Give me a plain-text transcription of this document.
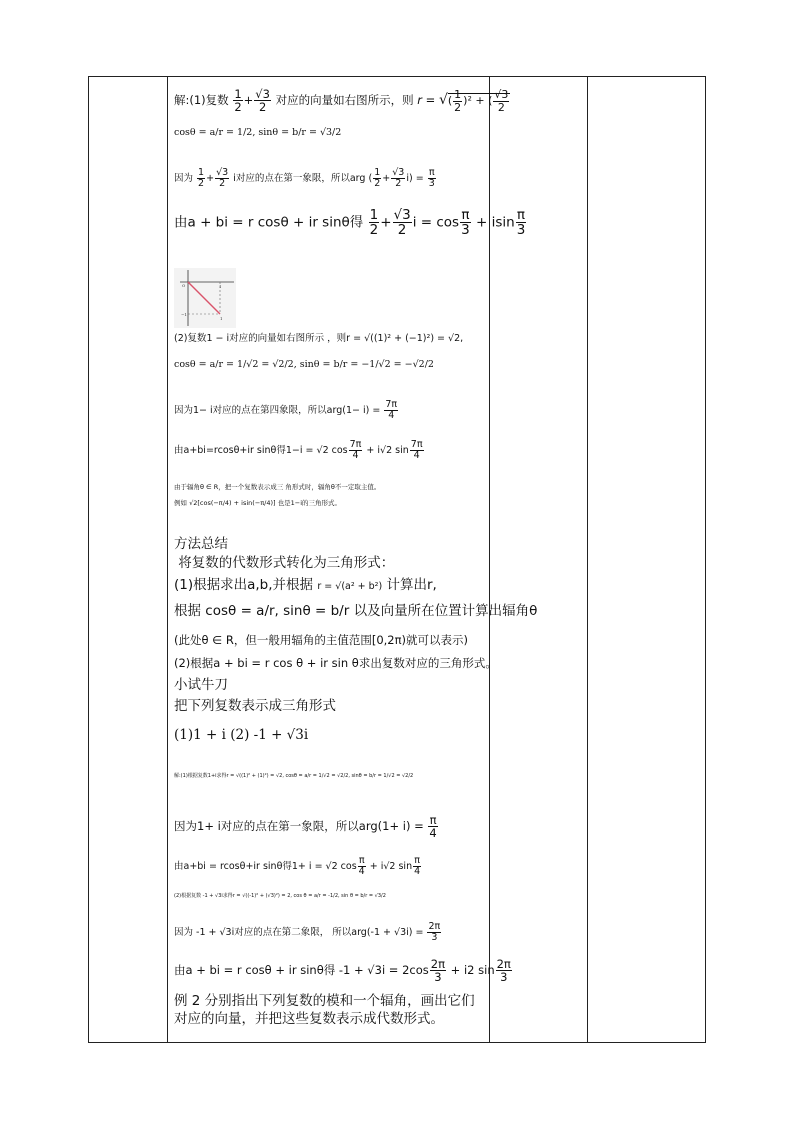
解:(1)复数 $\frac{1}{2} + \frac{√3}{2}$ 对应的向量如右图所示，则 r = √( $\frac{1}{2} )^2$ + ( $\frac{√3}{2}$
cosθ = a/r = 1/2, sinθ = b/r = √3/2
因为 $\frac{1}{2} + \frac{√3}{2}$ i对应的点在第一象限，所以arg ( $\frac{1}{2} + \frac{√3}{2} i) = \frac{\pi}{3}$
由a + bi = r cosθ + ir sinθ得 $\frac{1}{2} + \frac{√3}{2}$ $i = \cos \frac{\pi}{3} + isin \frac{\pi}{3}$
O	1
−1
1
(2)复数1 − i对应的向量如右图所示 ，则r = √((1)² + (−1)²) = √2,
cosθ = a/r = 1/√2 = √2/2, sinθ = b/r = −1/√2 = −√2/2
因为1− i对应的点在第四象限，所以$arg(1- i) = \frac{7\pi}{4}$
由a+bi=rcosθ+ir sinθ得1−i = √2 $\cos \frac{7\pi}{4} + i√2$ $\sin \frac{7\pi}{4}$
由于辐角θ ∈ R，把一个复数表示成三 角形式时，辐角θ不一定取主值。
例如 √2[cos(−π/4) + isin(−π/4)] 也是1−i的三角形式。
方法总结
将复数的代数形式转化为三角形式：
(1)根据求出a,b,并根据 r = √(a² + b²) 计算出r,
根据 cosθ = a/r, sinθ = b/r 以及向量所在位置计算出辐角θ
(此处θ ∈ R，但一般用辐角的主值范围[0,2π)就可以表示)
(2)根据a + bi = r cos θ + ir sin θ求出复数对应的三角形式。
小试牛刀
把下列复数表示成三角形式
(1)1 + i (2) -1 + √3i
解:(1)根据复数1+i求得r = √((1)² + (1)²) = √2, cosθ = a/r = 1/√2 = √2/2, sinθ = b/r = 1/√2 = √2/2
因为1+ i对应的点在第一象限，所以$arg(1+ i) = \frac{\pi}{4}$
由a+bi = rcosθ+ir sinθ得1+ i = √2 $\cos \frac{\pi}{4} + i√2$ $\sin \frac{\pi}{4}$
(2)根据复数 -1 + √3i求得r = √((-1)² + (√3)²) = 2, cos θ = a/r = -1/2, sin θ = b/r = √3/2
因为 -1 + √3i对应的点在第二象限， 所以$arg(-1 + √3i) = \frac{2\pi}{3}$
由a + bi = r cosθ + ir sinθ得 $-1 + √3i = 2\cos \frac{2\pi}{3} + i2$ $\sin \frac{2\pi}{3}$
例 2 分别指出下列复数的模和一个辐角，画出它们对应的向量，并把这些复数表示成代数形式。
